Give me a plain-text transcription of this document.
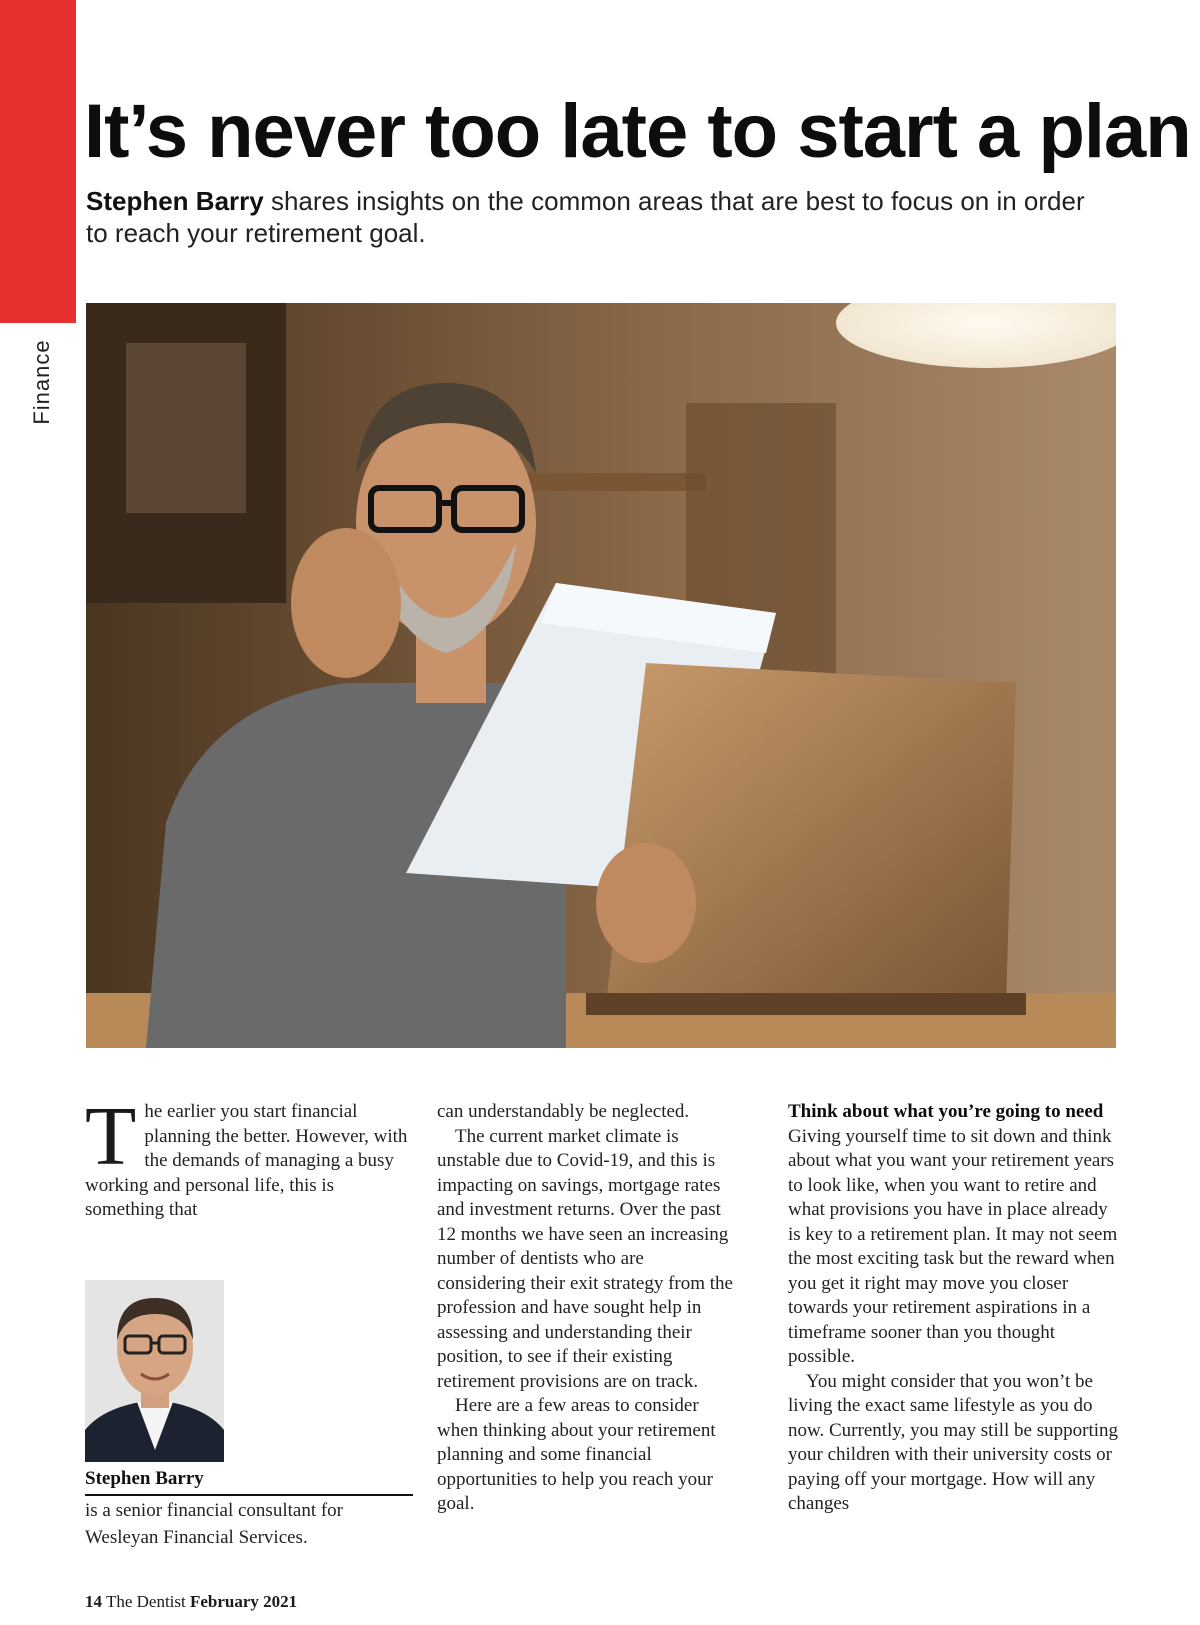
Finance
It’s never too late to start a plan

Stephen Barry shares insights on the common areas that are best to focus on in order to reach your retirement goal.

T he earlier you start financial planning the better. However, with the demands of managing a busy working and personal life, this is something that

Stephen Barry

is a senior financial consultant for Wesleyan Financial Services.

can understandably be neglected.

The current market climate is unstable due to Covid-19, and this is impacting on savings, mortgage rates and investment returns. Over the past 12 months we have seen an increasing number of dentists who are considering their exit strategy from the profession and have sought help in assessing and understanding their position, to see if their existing retirement provisions are on track.

Here are a few areas to consider when thinking about your retirement planning and some financial opportunities to help you reach your goal.

Think about what you’re going to need

Giving yourself time to sit down and think about what you want your retirement years to look like, when you want to retire and what provisions you have in place already is key to a retirement plan. It may not seem the most exciting task but the reward when you get it right may move you closer towards your retirement aspirations in a timeframe sooner than you thought possible.

You might consider that you won’t be living the exact same lifestyle as you do now. Currently, you may still be supporting your children with their university costs or paying off your mortgage. How will any changes

14 The Dentist February 2021
